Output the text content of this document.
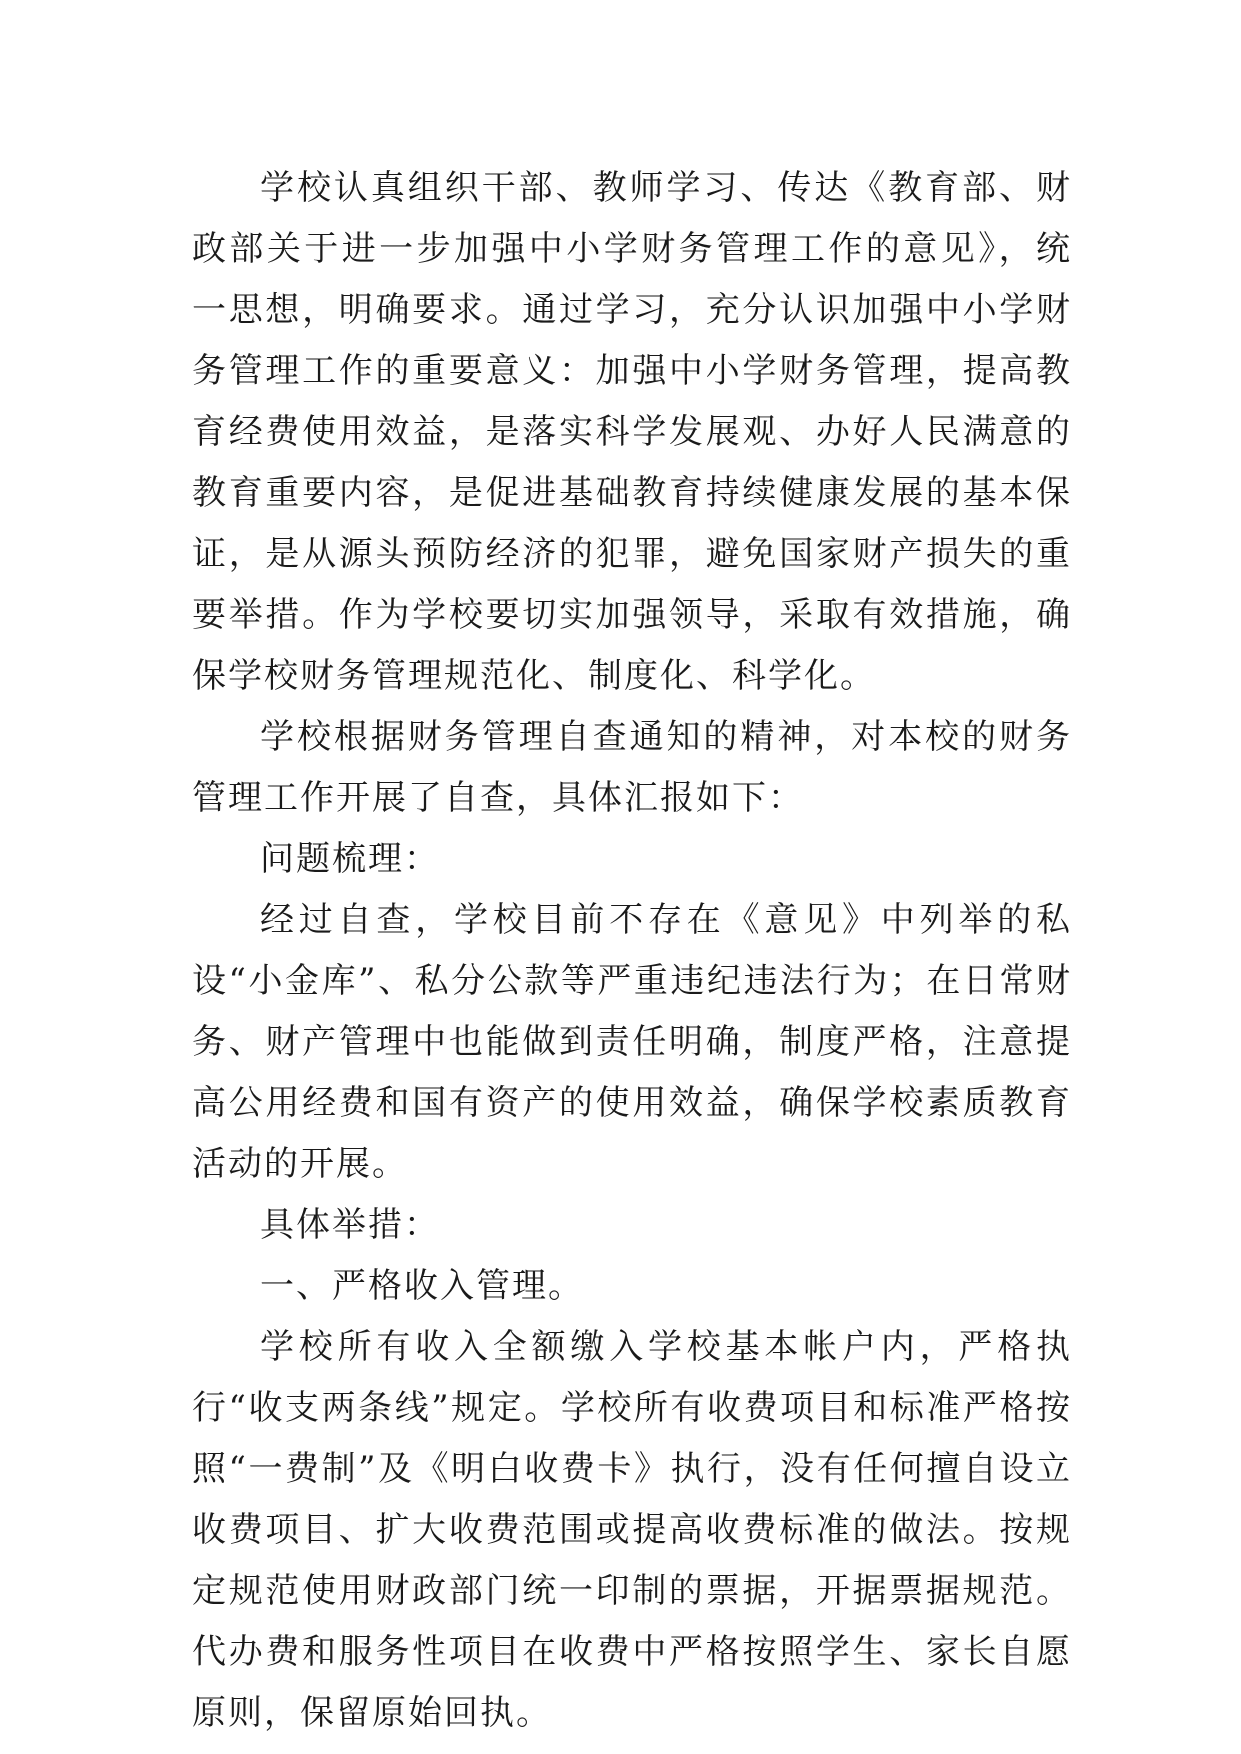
学校认真组织干部、教师学习、传达《教育部、财政部关于进一步加强中小学财务管理工作的意见》，统一思想，明确要求。通过学习，充分认识加强中小学财务管理工作的重要意义：加强中小学财务管理，提高教育经费使用效益，是落实科学发展观、办好人民满意的教育重要内容，是促进基础教育持续健康发展的基本保证，是从源头预防经济的犯罪，避免国家财产损失的重要举措。作为学校要切实加强领导，采取有效措施，确保学校财务管理规范化、制度化、科学化。

学校根据财务管理自查通知的精神，对本校的财务管理工作开展了自查，具体汇报如下：

问题梳理：

经过自查，学校目前不存在《意见》中列举的私设“小金库”、私分公款等严重违纪违法行为；在日常财务、财产管理中也能做到责任明确，制度严格，注意提高公用经费和国有资产的使用效益，确保学校素质教育活动的开展。

具体举措：

一、严格收入管理。

学校所有收入全额缴入学校基本帐户内，严格执行“收支两条线”规定。学校所有收费项目和标准严格按照“一费制”及《明白收费卡》执行，没有任何擅自设立收费项目、扩大收费范围或提高收费标准的做法。按规定规范使用财政部门统一印制的票据，开据票据规范。代办费和服务性项目在收费中严格按照学生、家长自愿原则，保留原始回执。
